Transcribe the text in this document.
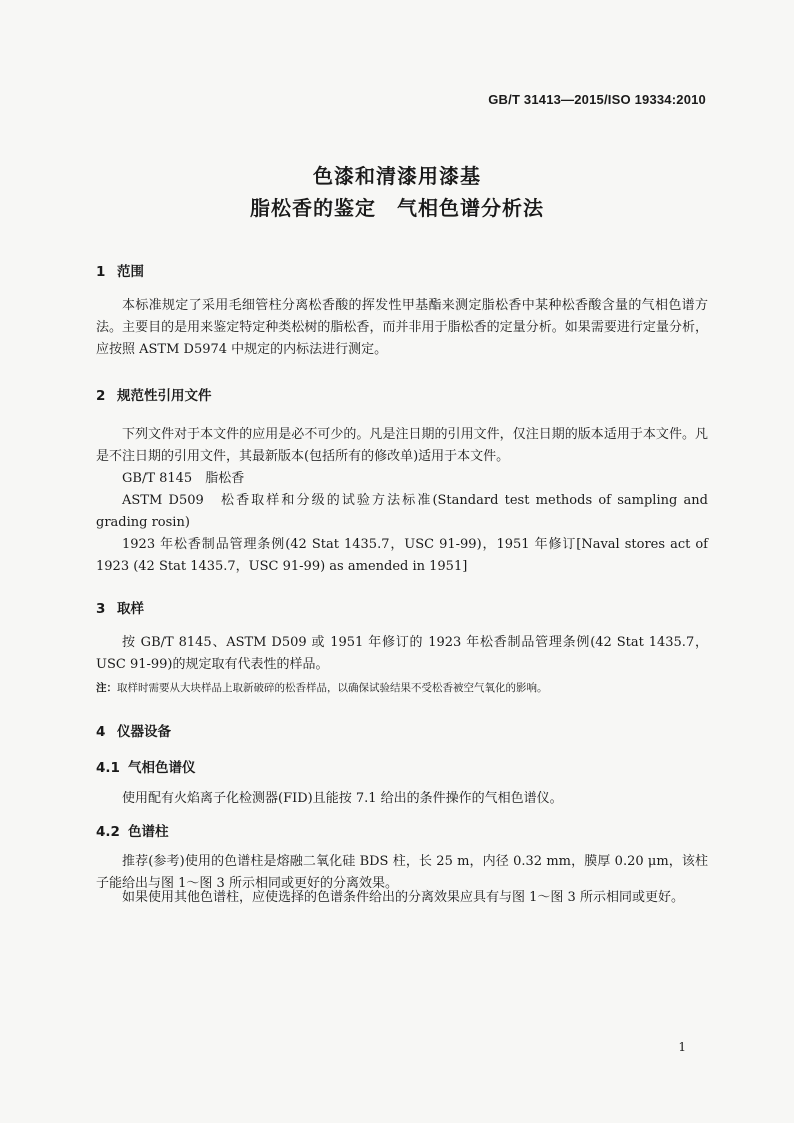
GB/T 31413—2015/ISO 19334:2010
色漆和清漆用漆基
脂松香的鉴定　气相色谱分析法
1 范围
本标准规定了采用毛细管柱分离松香酸的挥发性甲基酯来测定脂松香中某种松香酸含量的气相色谱方法。主要目的是用来鉴定特定种类松树的脂松香，而并非用于脂松香的定量分析。如果需要进行定量分析，应按照 ASTM D5974 中规定的内标法进行测定。
2 规范性引用文件
下列文件对于本文件的应用是必不可少的。凡是注日期的引用文件，仅注日期的版本适用于本文件。凡是不注日期的引用文件，其最新版本(包括所有的修改单)适用于本文件。
GB/T 8145　脂松香
ASTM D509　松香取样和分级的试验方法标准(Standard test methods of sampling and grading rosin)
1923 年松香制品管理条例(42 Stat 1435.7，USC 91-99)，1951 年修订[Naval stores act of 1923 (42 Stat 1435.7，USC 91-99) as amended in 1951]
3 取样
按 GB/T 8145、ASTM D509 或 1951 年修订的 1923 年松香制品管理条例(42 Stat 1435.7，USC 91-99)的规定取有代表性的样品。
注：取样时需要从大块样品上取新破碎的松香样品，以确保试验结果不受松香被空气氧化的影响。
4 仪器设备
4.1 气相色谱仪
使用配有火焰离子化检测器(FID)且能按 7.1 给出的条件操作的气相色谱仪。
4.2 色谱柱
推荐(参考)使用的色谱柱是熔融二氧化硅 BDS 柱，长 25 m，内径 0.32 mm，膜厚 0.20 μm，该柱子能给出与图 1～图 3 所示相同或更好的分离效果。
如果使用其他色谱柱，应使选择的色谱条件给出的分离效果应具有与图 1～图 3 所示相同或更好。
1
